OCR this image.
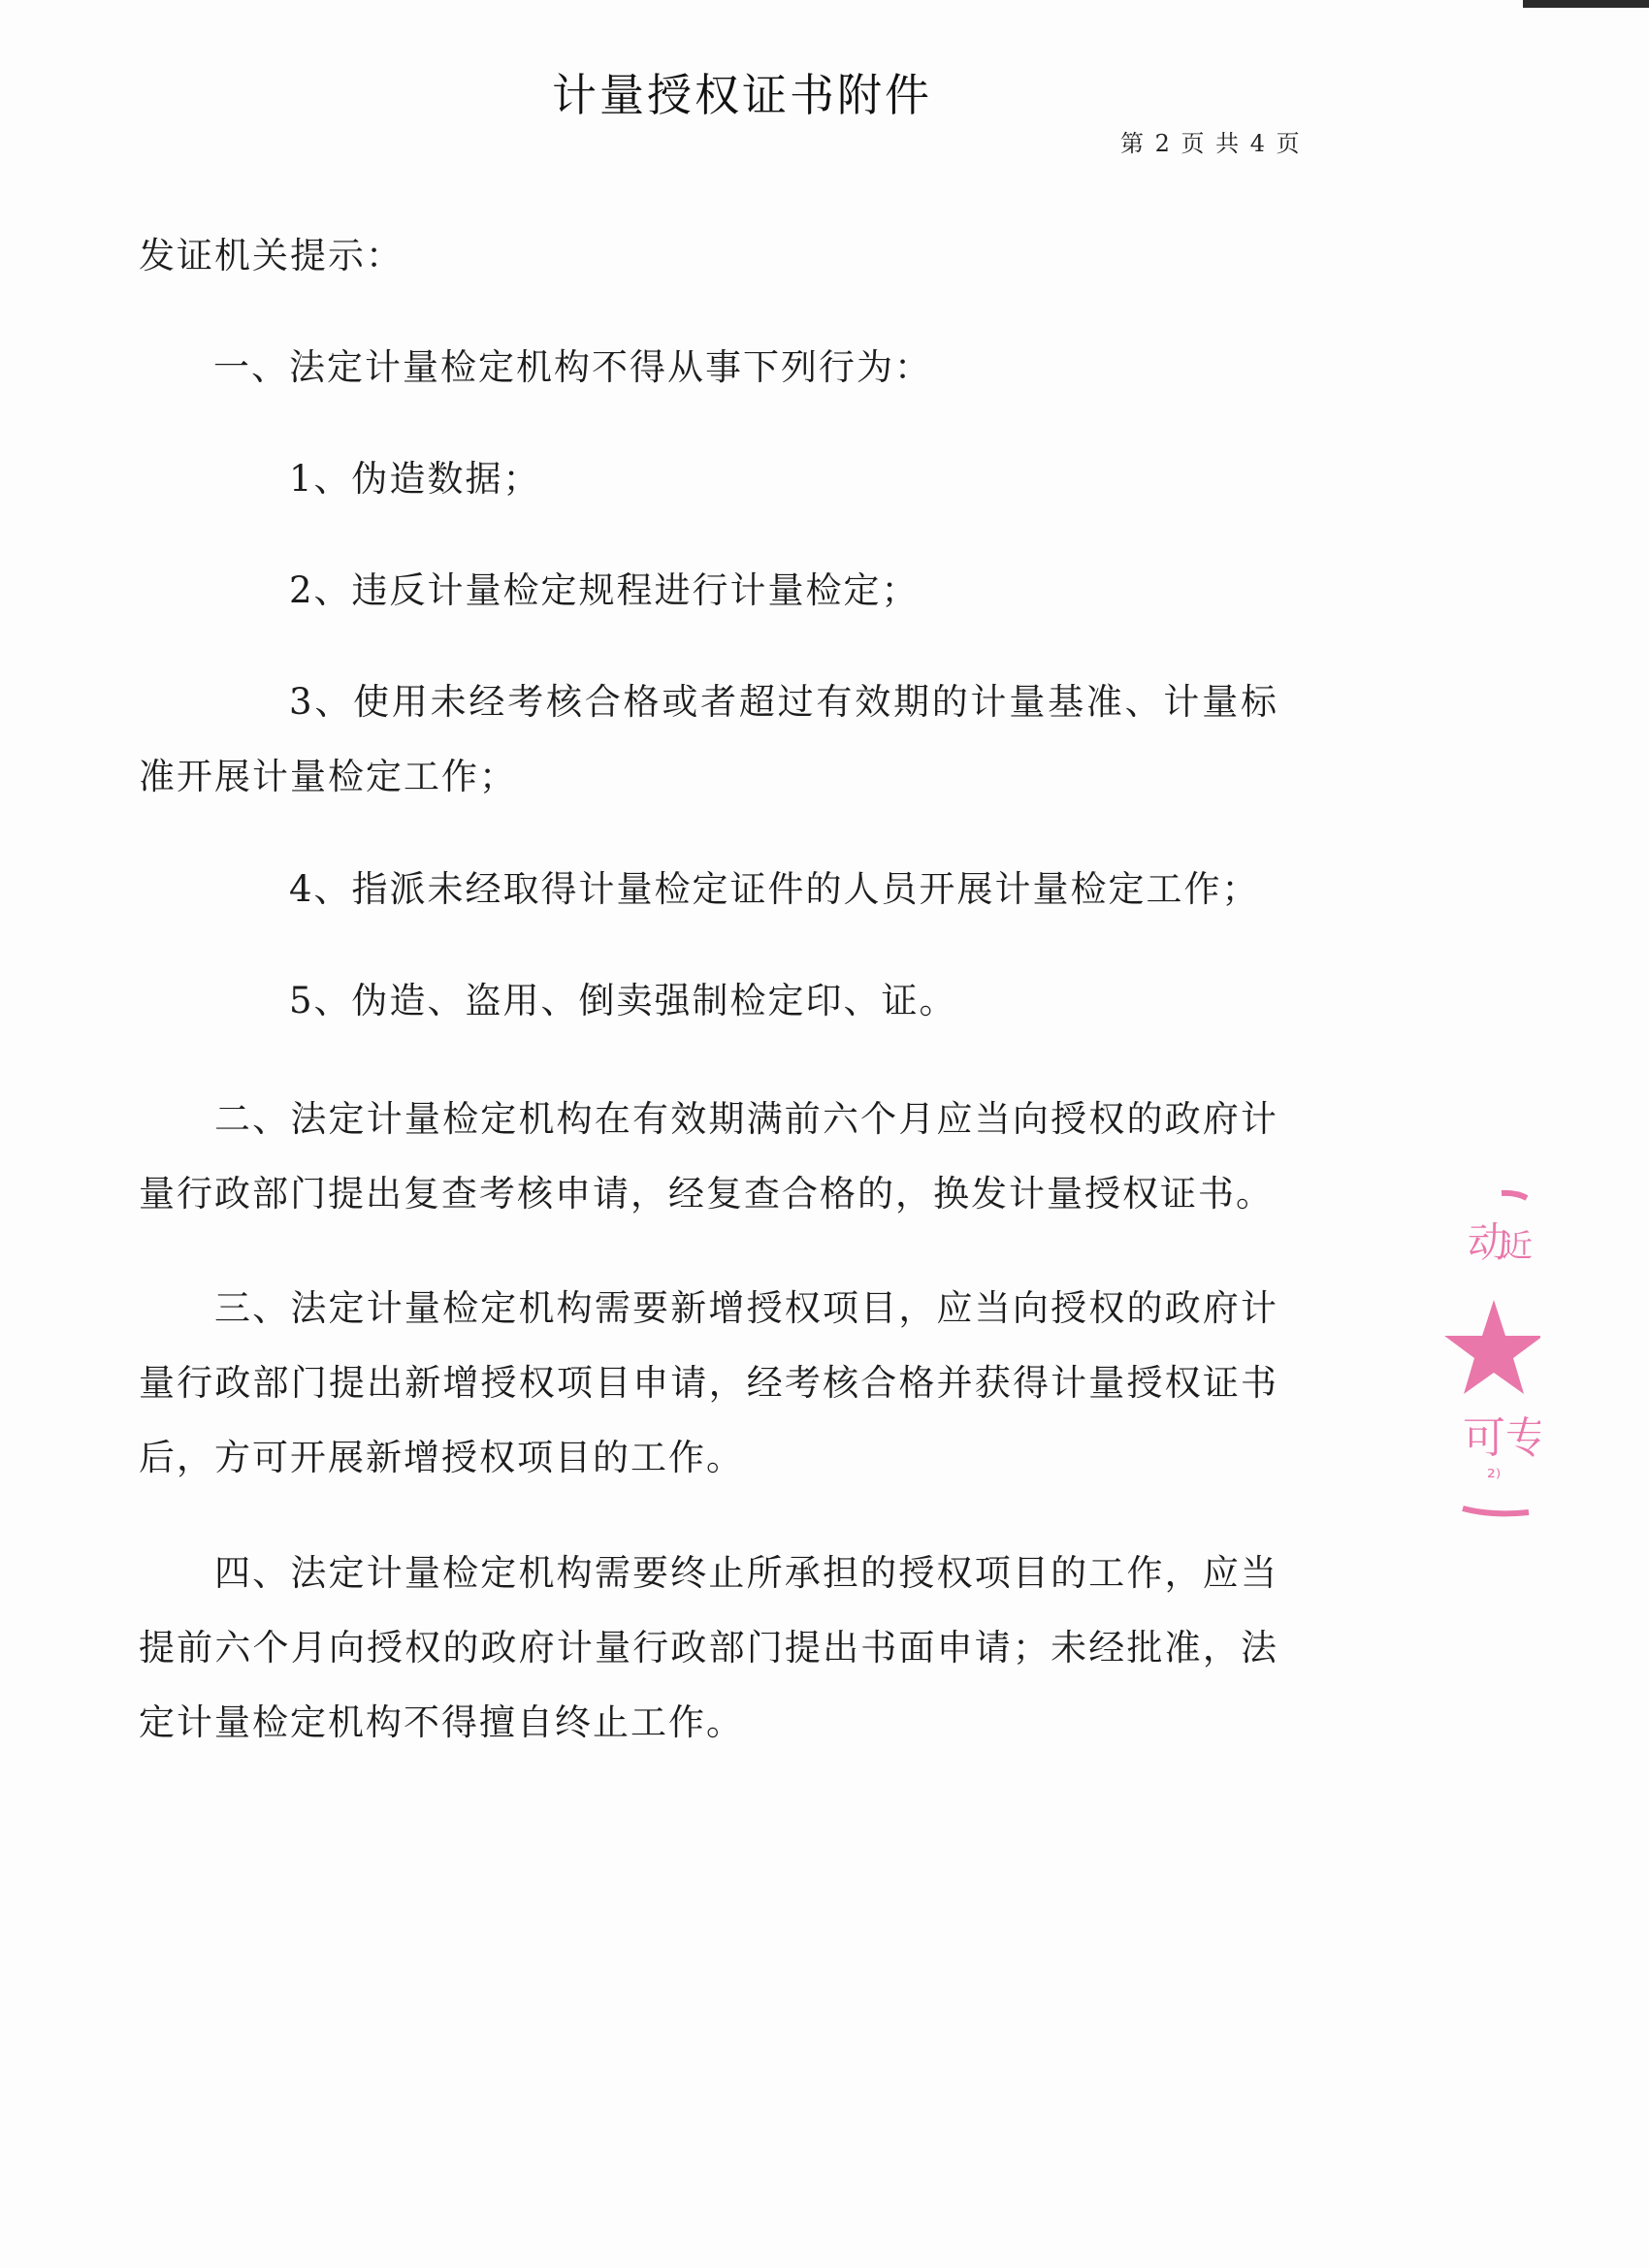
计量授权证书附件
第 2 页 共 4 页
发证机关提示：
一、法定计量检定机构不得从事下列行为：
1、伪造数据；
2、违反计量检定规程进行计量检定；
3、使用未经考核合格或者超过有效期的计量基准、计量标准开展计量检定工作；
4、指派未经取得计量检定证件的人员开展计量检定工作；
5、伪造、盗用、倒卖强制检定印、证。
二、法定计量检定机构在有效期满前六个月应当向授权的政府计量行政部门提出复查考核申请，经复查合格的，换发计量授权证书。
三、法定计量检定机构需要新增授权项目，应当向授权的政府计量行政部门提出新增授权项目申请，经考核合格并获得计量授权证书后，方可开展新增授权项目的工作。
四、法定计量检定机构需要终止所承担的授权项目的工作，应当提前六个月向授权的政府计量行政部门提出书面申请；未经批准，法定计量检定机构不得擅自终止工作。
动
近
可专
²⁾
